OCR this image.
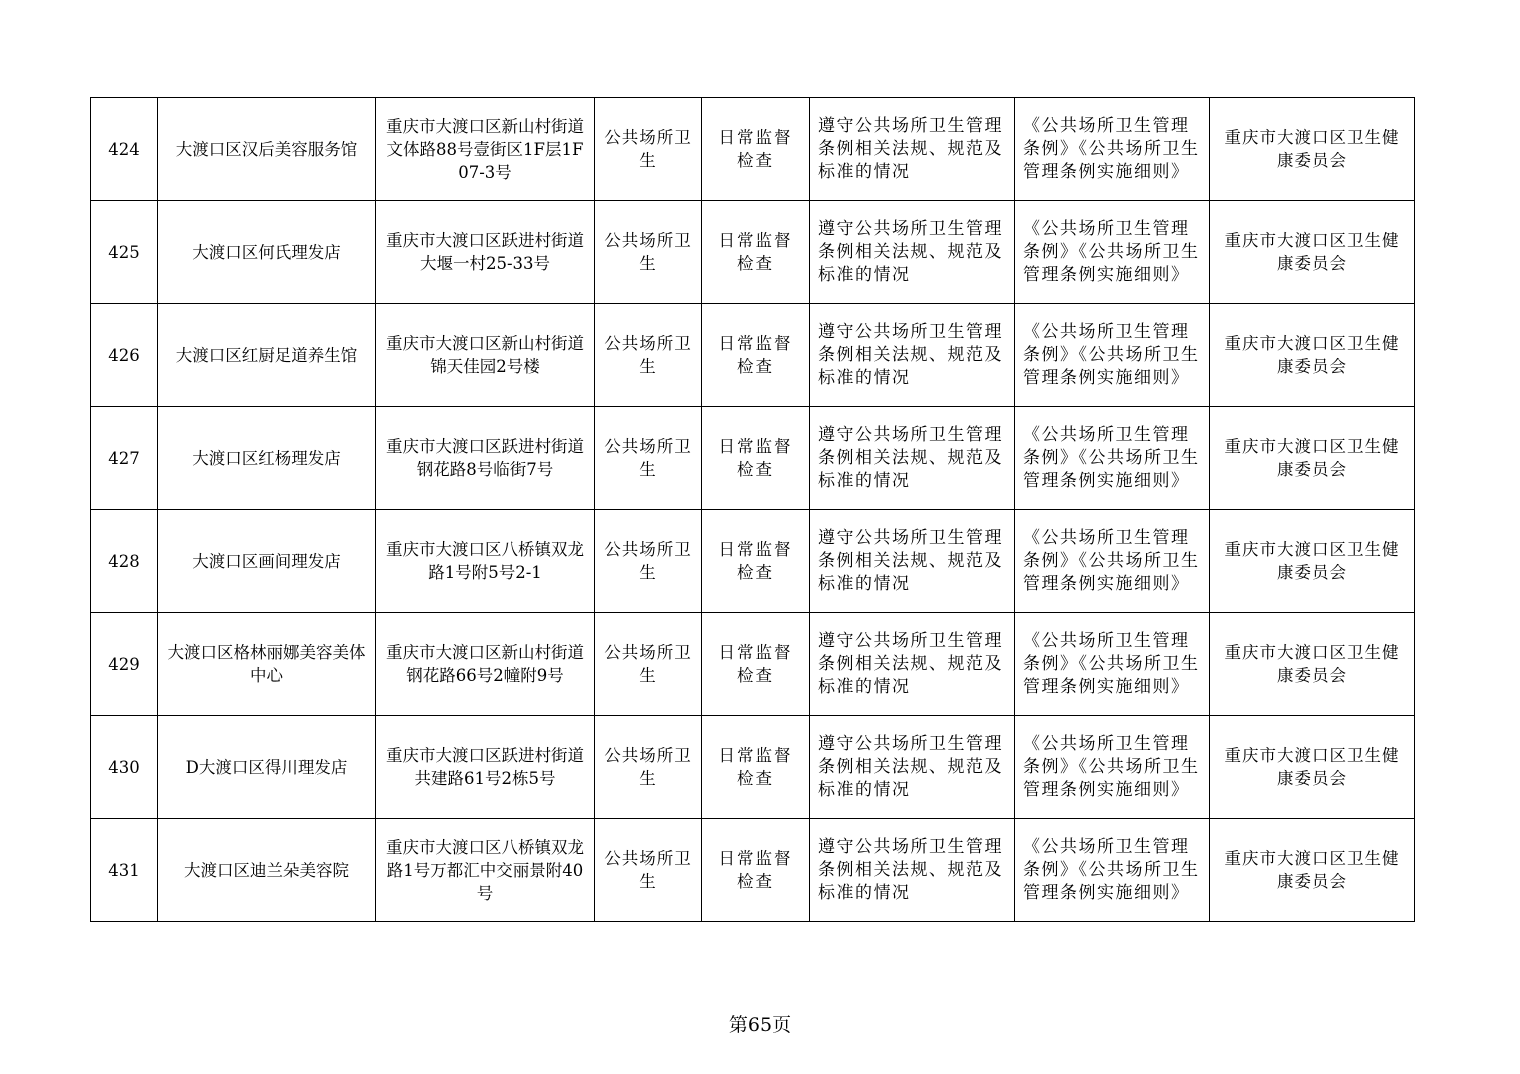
424	大渡口区汉后美容服务馆	重庆市大渡口区新山村街道文体路88号壹街区1F层1F07-3号	公共场所卫生	日常监督检查	遵守公共场所卫生管理条例相关法规、规范及标准的情况	《公共场所卫生管理条例》《公共场所卫生管理条例实施细则》	重庆市大渡口区卫生健康委员会
425	大渡口区何氏理发店	重庆市大渡口区跃进村街道大堰一村25-33号	公共场所卫生	日常监督检查	遵守公共场所卫生管理条例相关法规、规范及标准的情况	《公共场所卫生管理条例》《公共场所卫生管理条例实施细则》	重庆市大渡口区卫生健康委员会
426	大渡口区红厨足道养生馆	重庆市大渡口区新山村街道锦天佳园2号楼	公共场所卫生	日常监督检查	遵守公共场所卫生管理条例相关法规、规范及标准的情况	《公共场所卫生管理条例》《公共场所卫生管理条例实施细则》	重庆市大渡口区卫生健康委员会
427	大渡口区红杨理发店	重庆市大渡口区跃进村街道钢花路8号临街7号	公共场所卫生	日常监督检查	遵守公共场所卫生管理条例相关法规、规范及标准的情况	《公共场所卫生管理条例》《公共场所卫生管理条例实施细则》	重庆市大渡口区卫生健康委员会
428	大渡口区画间理发店	重庆市大渡口区八桥镇双龙路1号附5号2-1	公共场所卫生	日常监督检查	遵守公共场所卫生管理条例相关法规、规范及标准的情况	《公共场所卫生管理条例》《公共场所卫生管理条例实施细则》	重庆市大渡口区卫生健康委员会
429	大渡口区格林丽娜美容美体中心	重庆市大渡口区新山村街道钢花路66号2幢附9号	公共场所卫生	日常监督检查	遵守公共场所卫生管理条例相关法规、规范及标准的情况	《公共场所卫生管理条例》《公共场所卫生管理条例实施细则》	重庆市大渡口区卫生健康委员会
430	D大渡口区得川理发店	重庆市大渡口区跃进村街道共建路61号2栋5号	公共场所卫生	日常监督检查	遵守公共场所卫生管理条例相关法规、规范及标准的情况	《公共场所卫生管理条例》《公共场所卫生管理条例实施细则》	重庆市大渡口区卫生健康委员会
431	大渡口区迪兰朵美容院	重庆市大渡口区八桥镇双龙路1号万都汇中交丽景附40号	公共场所卫生	日常监督检查	遵守公共场所卫生管理条例相关法规、规范及标准的情况	《公共场所卫生管理条例》《公共场所卫生管理条例实施细则》	重庆市大渡口区卫生健康委员会
第65页
